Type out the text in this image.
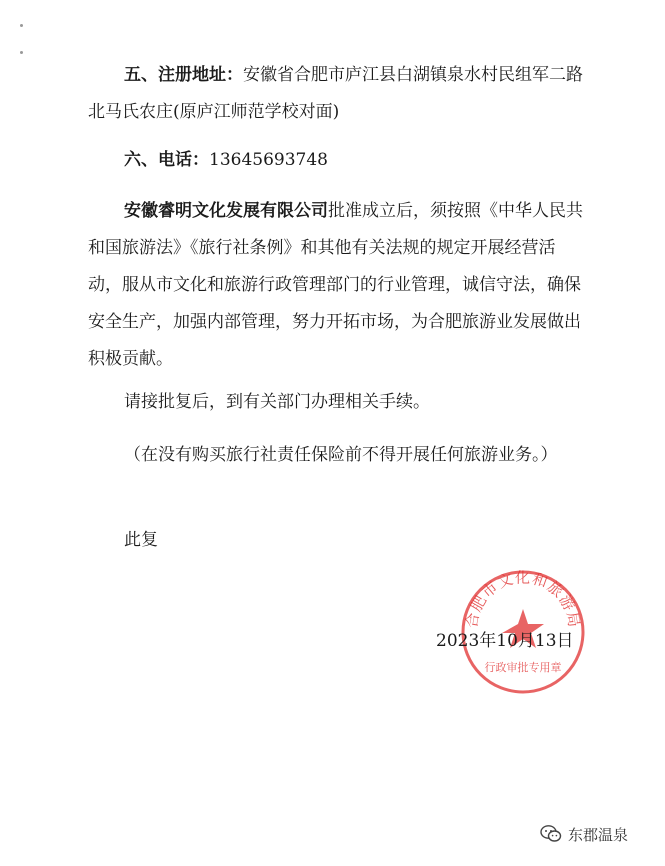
五、注册地址：安徽省合肥市庐江县白湖镇泉水村民组军二路北马氏农庄(原庐江师范学校对面)

六、电话：13645693748

安徽睿明文化发展有限公司批准成立后，须按照《中华人民共和国旅游法》《旅行社条例》和其他有关法规的规定开展经营活动，服从市文化和旅游行政管理部门的行业管理，诚信守法，确保安全生产，加强内部管理，努力开拓市场，为合肥旅游业发展做出积极贡献。

请接批复后，到有关部门办理相关手续。

（在没有购买旅行社责任保险前不得开展任何旅游业务。）

此复

合肥市文化和旅游局
行政审批专用章
2023年10月13日
东郡温泉
